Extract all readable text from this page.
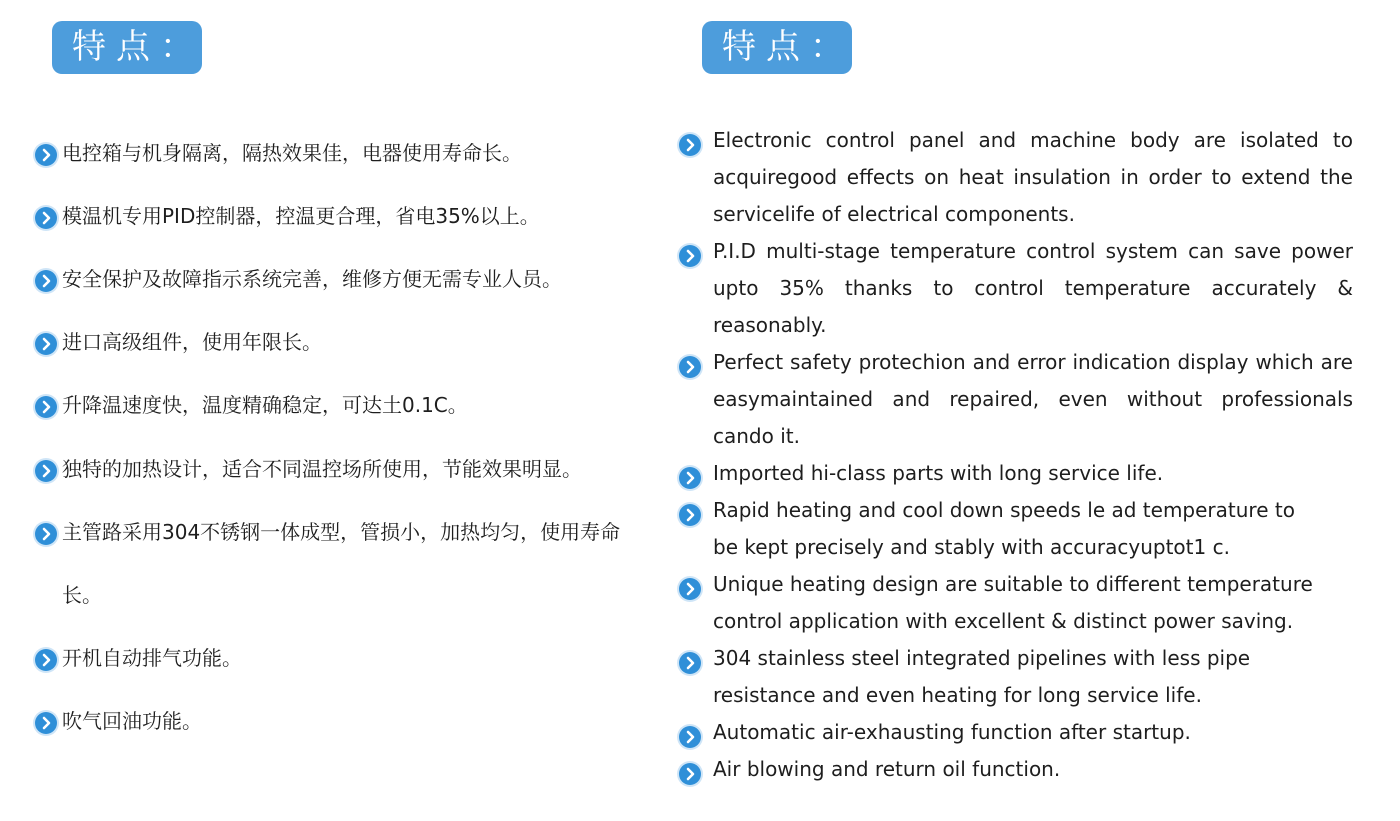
特点：
电控箱与机身隔离，隔热效果佳，电器使用寿命长。
模温机专用PID控制器，控温更合理，省电35%以上。
安全保护及故障指示系统完善，维修方便无需专业人员。
进口高级组件，使用年限长。
升降温速度快，温度精确稳定，可达土0.1C。
独特的加热设计，适合不同温控场所使用，节能效果明显。
主管路采用304不锈钢一体成型，管损小，加热均匀，使用寿命长。
开机自动排气功能。
吹气回油功能。
特点：
Electronic control panel and machine body are isolated to acquiregood effects on heat insulation in order to extend the servicelife of electrical components.
P.I.D multi-stage temperature control system can save power upto 35% thanks to control temperature accurately & reasonably.
Perfect safety protechion and error indication display which are easymaintained and repaired, even without professionals cando it.
Imported hi-class parts with long service life.
Rapid heating and cool down speeds le ad temperature to be kept precisely and stably with accuracyuptot1 c.
Unique heating design are suitable to different temperature control application with excellent & distinct power saving.
304 stainless steel integrated pipelines with less pipe resistance and even heating for long service life.
Automatic air-exhausting function after startup.
Air blowing and return oil function.
